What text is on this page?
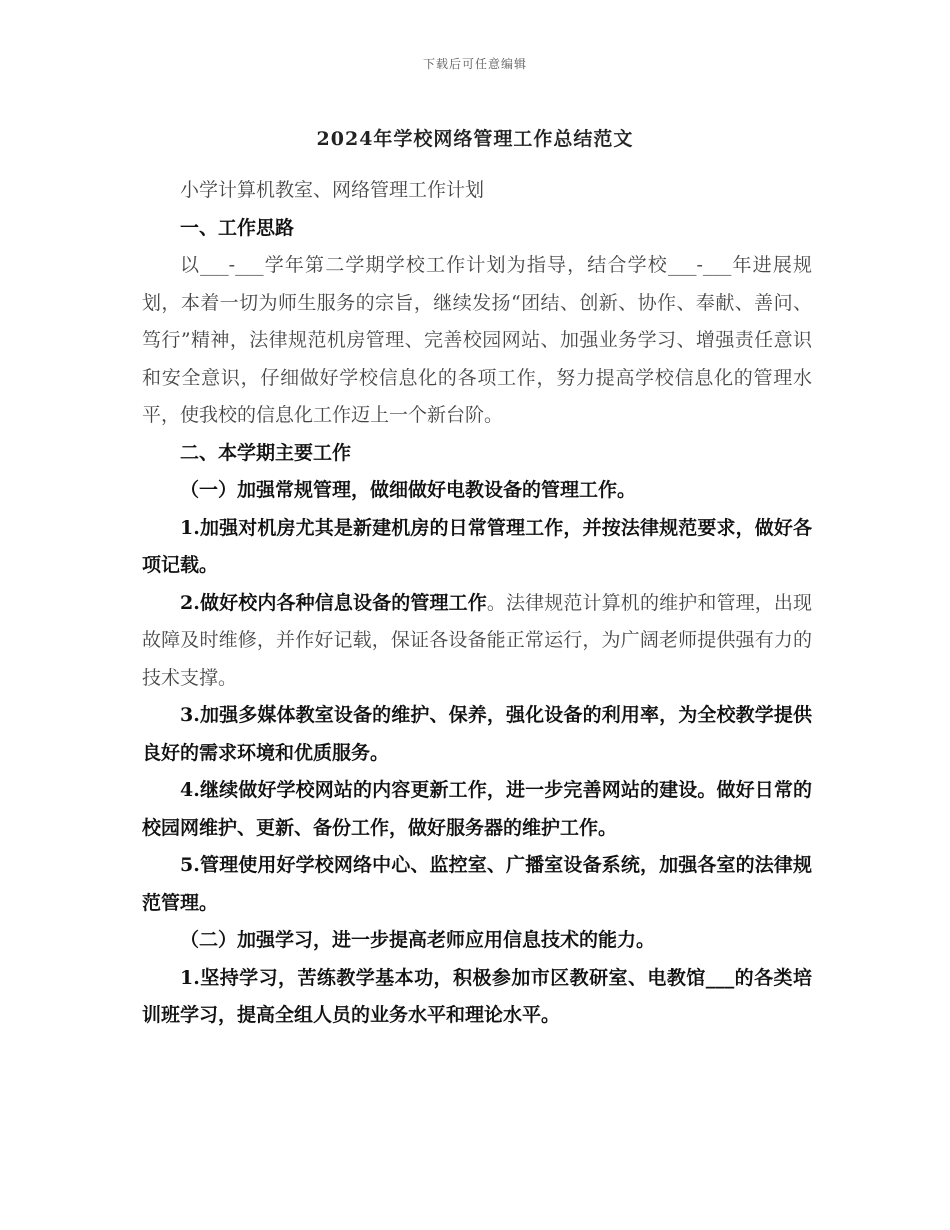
下载后可任意编辑
2024年学校网络管理工作总结范文

小学计算机教室、网络管理工作计划

一、工作思路

以___-___学年第二学期学校工作计划为指导，结合学校___-___年进展规划，本着一切为师生服务的宗旨，继续发扬“团结、创新、协作、奉献、善问、笃行”精神，法律规范机房管理、完善校园网站、加强业务学习、增强责任意识和安全意识，仔细做好学校信息化的各项工作，努力提高学校信息化的管理水平，使我校的信息化工作迈上一个新台阶。

二、本学期主要工作

（一）加强常规管理，做细做好电教设备的管理工作。

1.加强对机房尤其是新建机房的日常管理工作，并按法律规范要求，做好各项记载。

2.做好校内各种信息设备的管理工作。法律规范计算机的维护和管理，出现故障及时维修，并作好记载，保证各设备能正常运行，为广阔老师提供强有力的技术支撑。

3.加强多媒体教室设备的维护、保养，强化设备的利用率，为全校教学提供良好的需求环境和优质服务。

4.继续做好学校网站的内容更新工作，进一步完善网站的建设。做好日常的校园网维护、更新、备份工作，做好服务器的维护工作。

5.管理使用好学校网络中心、监控室、广播室设备系统，加强各室的法律规范管理。

（二）加强学习，进一步提高老师应用信息技术的能力。

1.坚持学习，苦练教学基本功，积极参加市区教研室、电教馆___的各类培训班学习，提高全组人员的业务水平和理论水平。
